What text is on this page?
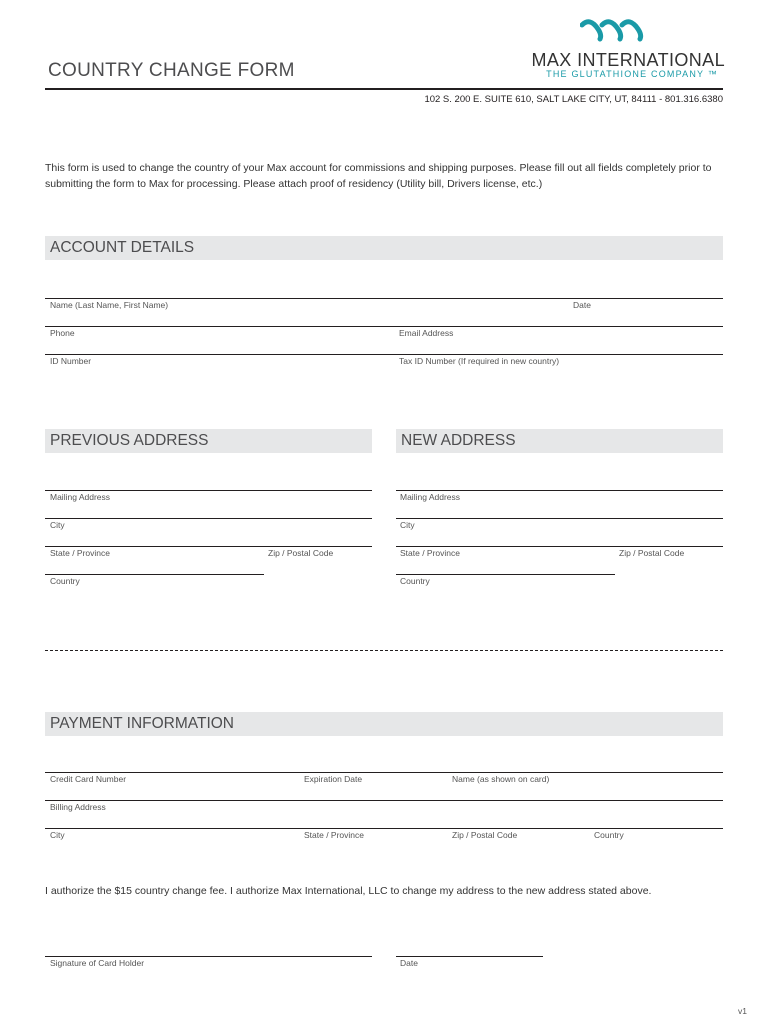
COUNTRY CHANGE FORM	MAX INTERNATIONAL
THE GLUTATHIONE COMPANY ™
102 S. 200 E. SUITE 610, SALT LAKE CITY, UT, 84111 - 801.316.6380
This form is used to change the country of your Max account for commissions and shipping purposes. Please fill out all fields completely prior to submitting the form to Max for processing. Please attach proof of residency (Utility bill, Drivers license, etc.)
ACCOUNT DETAILS
Name (Last Name, First Name)	Date
Phone	Email Address
ID Number	Tax ID Number (If required in new country)
PREVIOUS ADDRESS
Mailing Address
City
State / Province	Zip / Postal Code
Country
NEW ADDRESS
Mailing Address
City
State / Province	Zip / Postal Code
Country
PAYMENT INFORMATION
Credit Card Number	Expiration Date	Name (as shown on card)
Billing Address
City	State / Province	Zip / Postal Code	Country
I authorize the $15 country change fee. I authorize Max International, LLC to change my address to the new address stated above.
Signature of Card Holder	Date
v1
